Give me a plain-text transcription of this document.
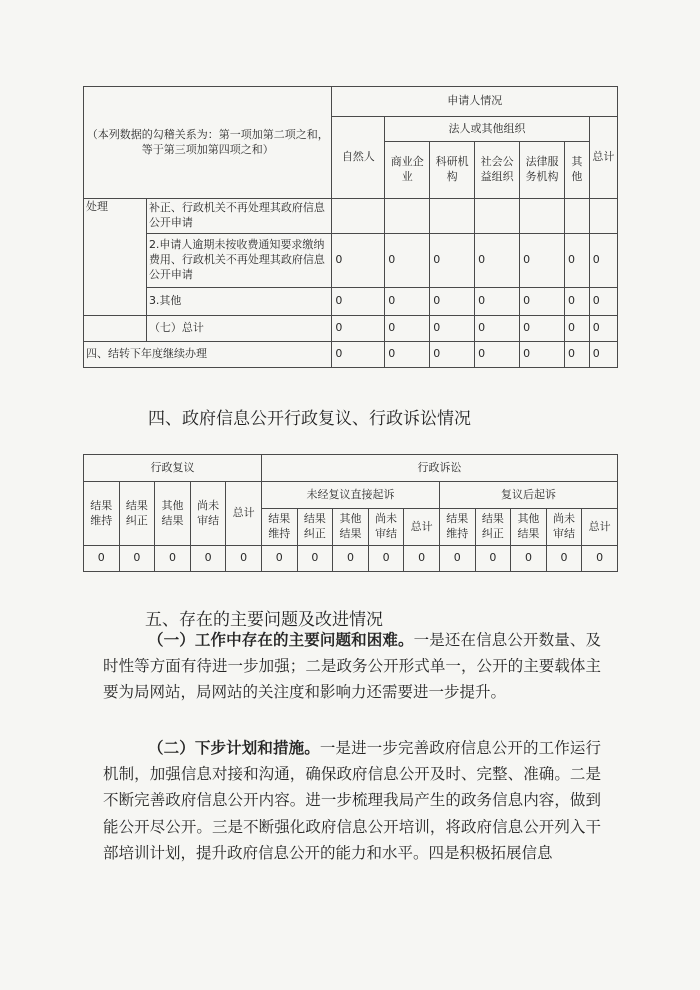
（本列数据的勾稽关系为：第一项加第二项之和，等于第三项加第四项之和）		申请人情况						
		自然人	法人或其他组织					总计
			商业企业	科研机构	社会公益组织	法律服务机构	其他	
处理	补正、行政机关不再处理其政府信息公开申请							
	2.申请人逾期未按收费通知要求缴纳费用、行政机关不再处理其政府信息公开申请	0	0	0	0	0	0	0
	3.其他	0	0	0	0	0	0	0
	（七）总计	0	0	0	0	0	0	0
四、结转下年度继续办理		0	0	0	0	0	0	0
四、政府信息公开行政复议、行政诉讼情况
行政复议					行政诉讼									
结果维持	结果纠正	其他结果	尚未审结	总计	未经复议直接起诉					复议后起诉				
					结果维持	结果纠正	其他结果	尚未审结	总计	结果维持	结果纠正	其他结果	尚未审结	总计
0	0	0	0	0	0	0	0	0	0	0	0	0	0	0
五、存在的主要问题及改进情况

（一）工作中存在的主要问题和困难。一是还在信息公开数量、及时性等方面有待进一步加强；二是政务公开形式单一，公开的主要载体主要为局网站，局网站的关注度和影响力还需要进一步提升。

（二）下步计划和措施。一是进一步完善政府信息公开的工作运行机制，加强信息对接和沟通，确保政府信息公开及时、完整、准确。二是不断完善政府信息公开内容。进一步梳理我局产生的政务信息内容，做到能公开尽公开。三是不断强化政府信息公开培训，将政府信息公开列入干部培训计划，提升政府信息公开的能力和水平。四是积极拓展信息
